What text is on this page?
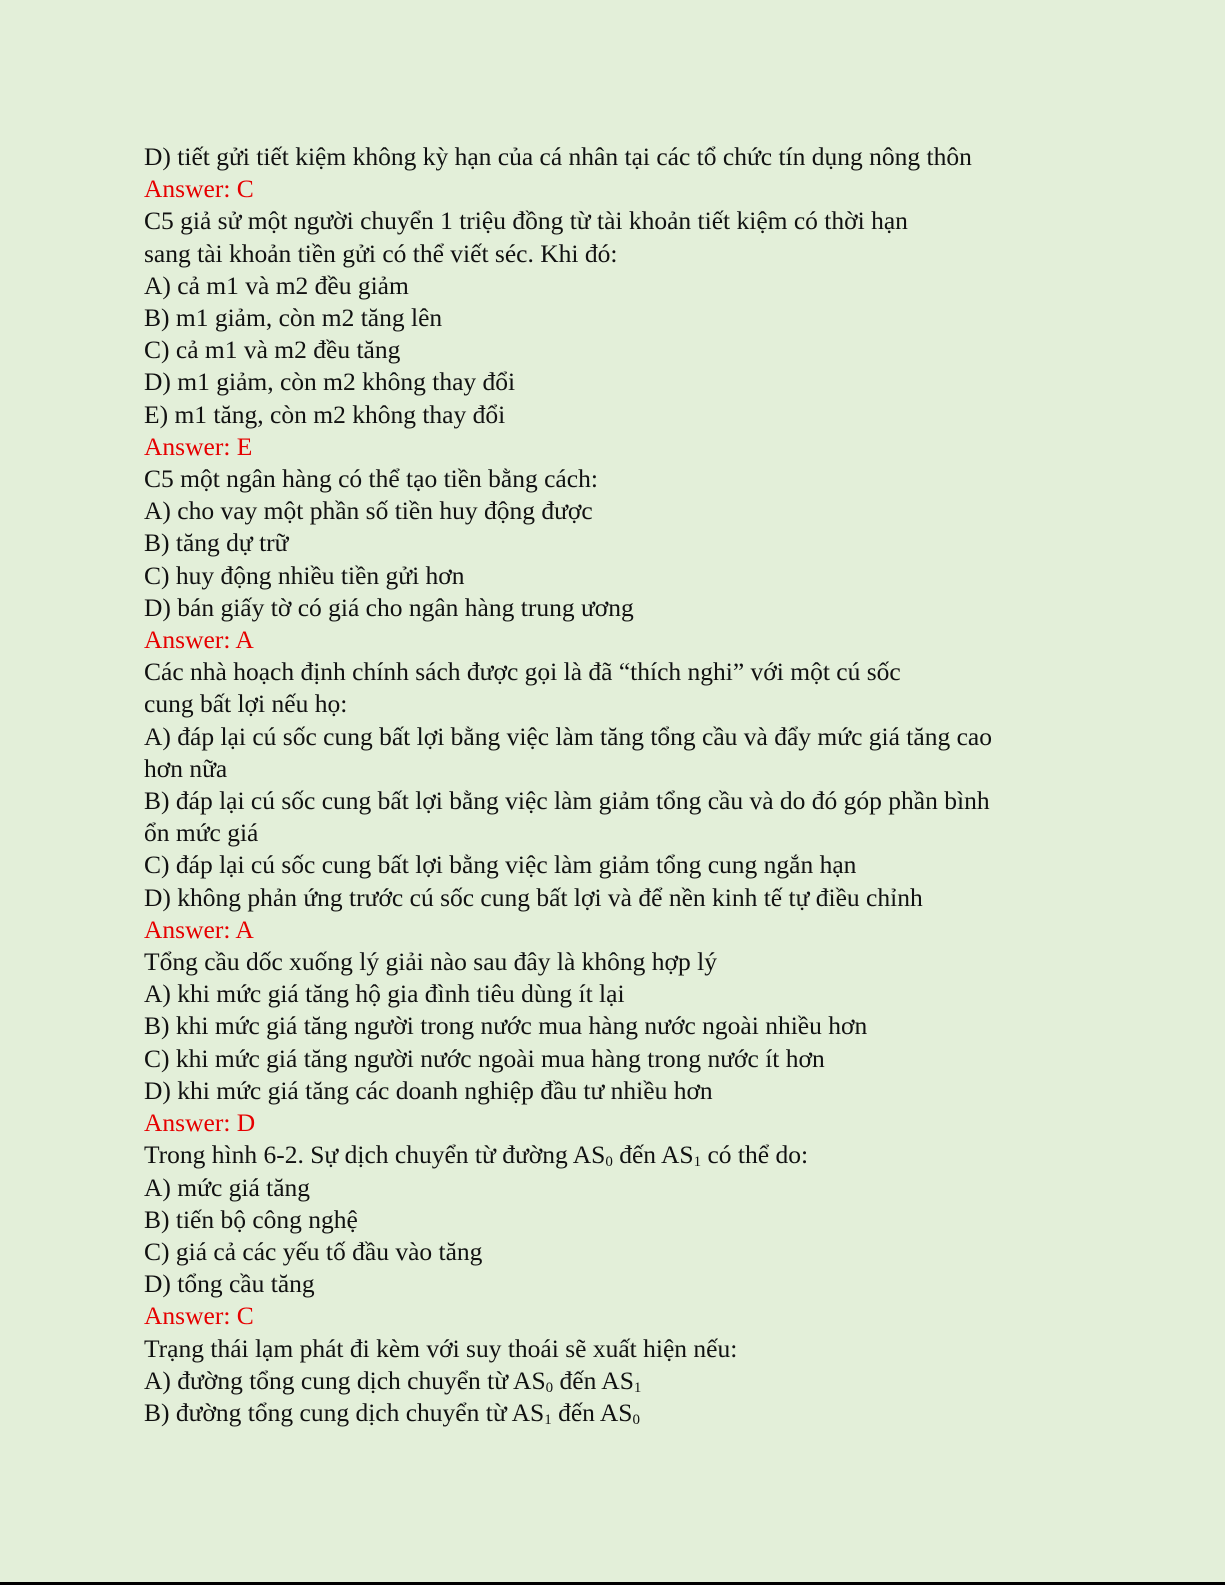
D) tiết gửi tiết kiệm không kỳ hạn của cá nhân tại các tổ chức tín dụng nông thôn
Answer: C
C5 giả sử một người chuyển 1 triệu đồng từ tài khoản tiết kiệm có thời hạn
sang tài khoản tiền gửi có thể viết séc. Khi đó:
A) cả m1 và m2 đều giảm
B) m1 giảm, còn m2 tăng lên
C) cả m1 và m2 đều tăng
D) m1 giảm, còn m2 không thay đổi
E) m1 tăng, còn m2 không thay đổi
Answer: E
C5 một ngân hàng có thể tạo tiền bằng cách:
A) cho vay một phần số tiền huy động được
B) tăng dự trữ
C) huy động nhiều tiền gửi hơn
D) bán giấy tờ có giá cho ngân hàng trung ương
Answer: A
Các nhà hoạch định chính sách được gọi là đã “thích nghi” với một cú sốc
cung bất lợi nếu họ:
A) đáp lại cú sốc cung bất lợi bằng việc làm tăng tổng cầu và đẩy mức giá tăng cao
hơn nữa
B) đáp lại cú sốc cung bất lợi bằng việc làm giảm tổng cầu và do đó góp phần bình
ổn mức giá
C) đáp lại cú sốc cung bất lợi bằng việc làm giảm tổng cung ngắn hạn
D) không phản ứng trước cú sốc cung bất lợi và để nền kinh tế tự điều chỉnh
Answer: A
Tổng cầu dốc xuống lý giải nào sau đây là không hợp lý
A) khi mức giá tăng hộ gia đình tiêu dùng ít lại
B) khi mức giá tăng người trong nước mua hàng nước ngoài nhiều hơn
C) khi mức giá tăng người nước ngoài mua hàng trong nước ít hơn
D) khi mức giá tăng các doanh nghiệp đầu tư nhiều hơn
Answer: D
Trong hình 6-2. Sự dịch chuyển từ đường $AS_0$ đến $AS_1$ có thể do:
A) mức giá tăng
B) tiến bộ công nghệ
C) giá cả các yếu tố đầu vào tăng
D) tổng cầu tăng
Answer: C
Trạng thái lạm phát đi kèm với suy thoái sẽ xuất hiện nếu:
A) đường tổng cung dịch chuyển từ $AS_0$ đến $AS_1$
B) đường tổng cung dịch chuyển từ $AS_1$ đến $AS_0$
